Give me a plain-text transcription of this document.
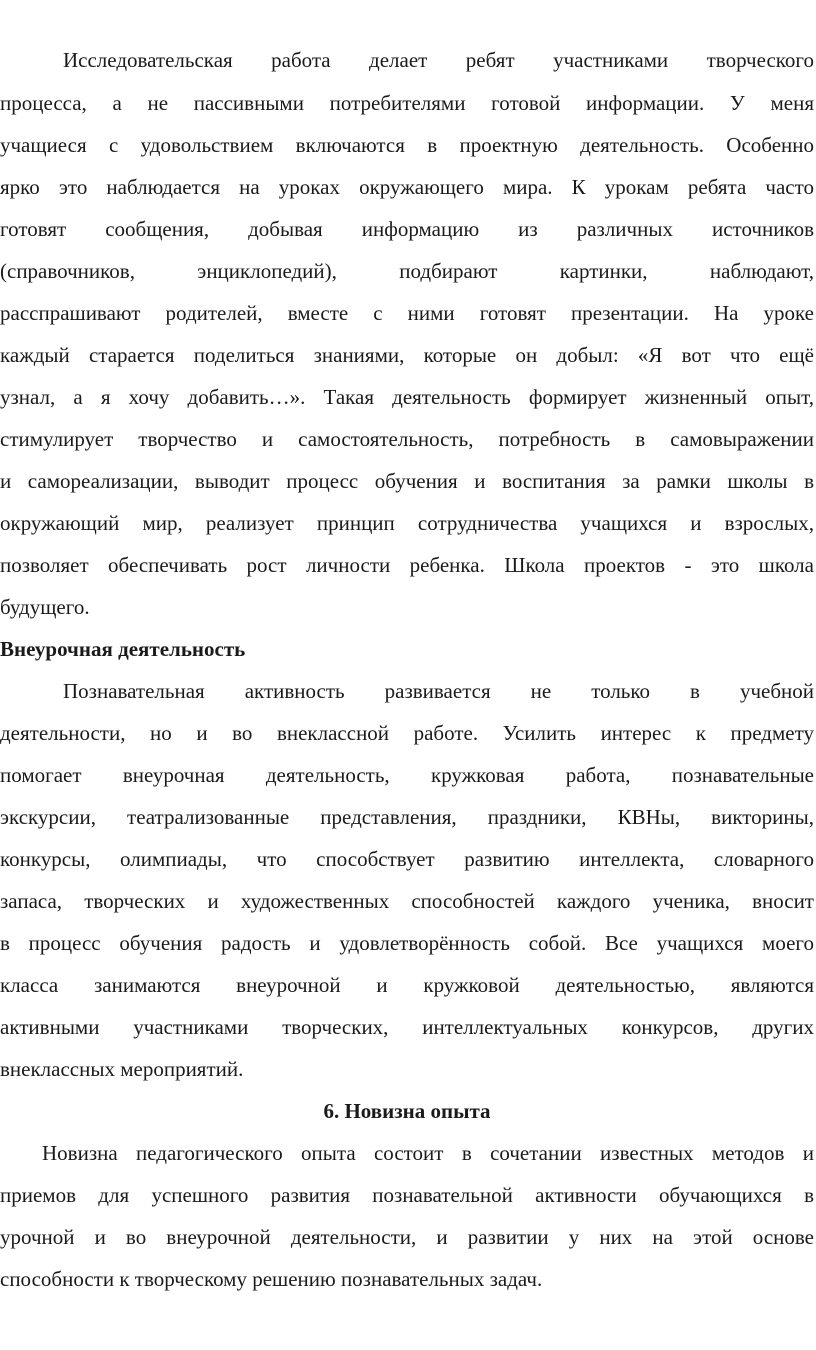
Исследовательская работа делает ребят участниками творческого
процесса, а не пассивными потребителями готовой информации. У меня
учащиеся с удовольствием включаются в проектную деятельность. Особенно
ярко это наблюдается на уроках окружающего мира. К урокам ребята часто
готовят сообщения, добывая информацию из различных источников
(справочников, энциклопедий), подбирают картинки, наблюдают,
расспрашивают родителей, вместе с ними готовят презентации. На уроке
каждый старается поделиться знаниями, которые он добыл: «Я вот что ещё
узнал, а я хочу добавить…». Такая деятельность формирует жизненный опыт,
стимулирует творчество и самостоятельность, потребность в самовыражении
и самореализации, выводит процесс обучения и воспитания за рамки школы в
окружающий мир, реализует принцип сотрудничества учащихся и взрослых,
позволяет обеспечивать рост личности ребенка. Школа проектов - это школа
будущего.
Внеурочная деятельность
Познавательная активность развивается не только в учебной
деятельности, но и во внеклассной работе. Усилить интерес к предмету
помогает внеурочная деятельность, кружковая работа, познавательные
экскурсии, театрализованные представления, праздники, КВНы, викторины,
конкурсы, олимпиады, что способствует развитию интеллекта, словарного
запаса, творческих и художественных способностей каждого ученика, вносит
в процесс обучения радость и удовлетворённость собой. Все учащихся моего
класса занимаются внеурочной и кружковой деятельностью, являются
активными участниками творческих, интеллектуальных конкурсов, других
внеклассных мероприятий.
6. Новизна опыта
Новизна педагогического опыта состоит в сочетании известных методов и
приемов для успешного развития познавательной активности обучающихся в
урочной и во внеурочной деятельности, и развитии у них на этой основе
способности к творческому решению познавательных задач.
